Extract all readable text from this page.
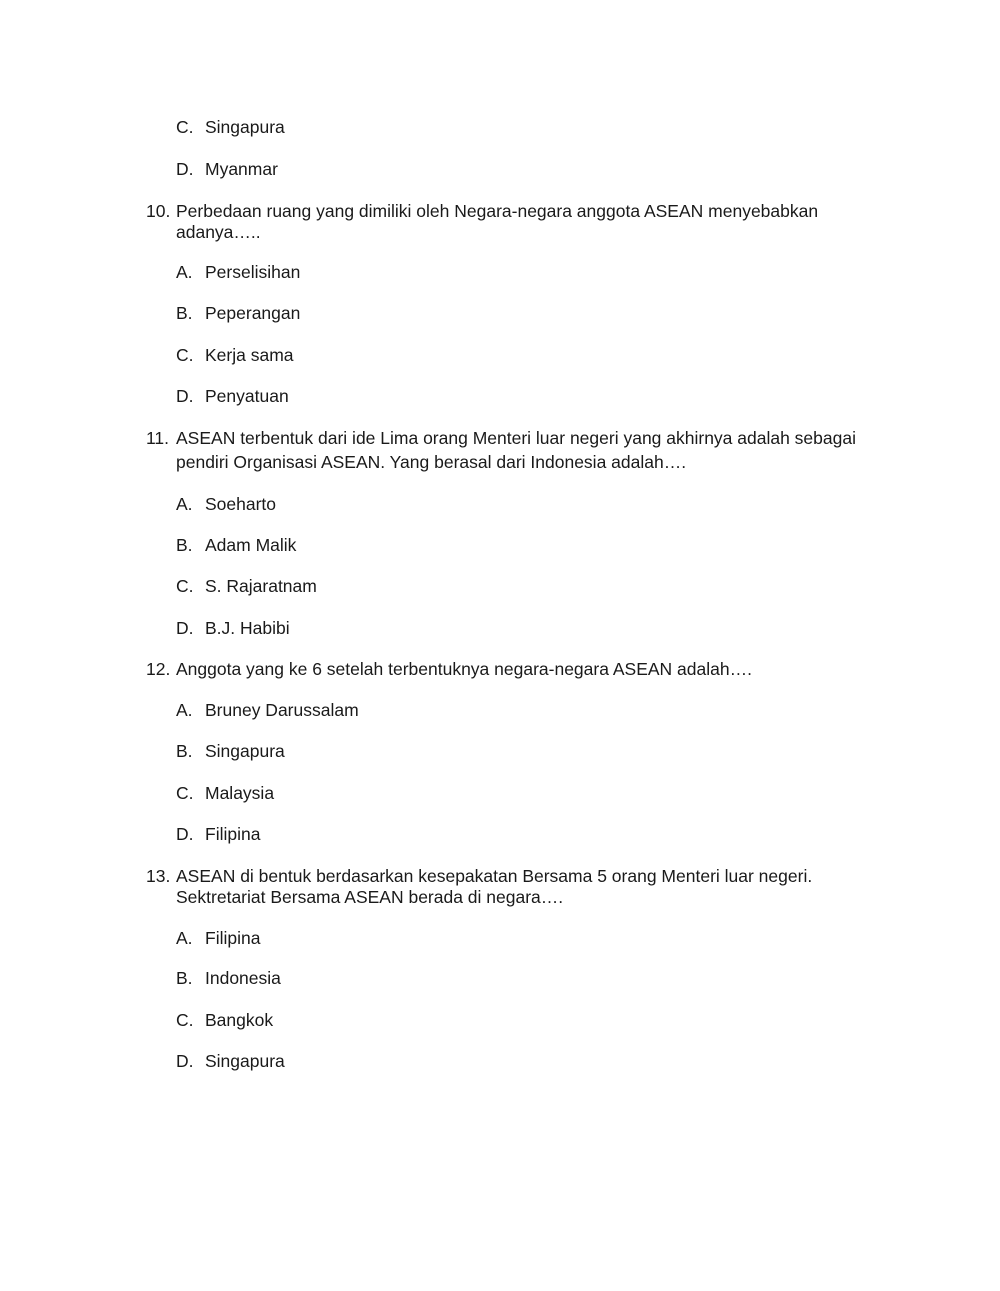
C. Singapura
D. Myanmar
10. Perbedaan ruang yang dimiliki oleh Negara-negara anggota ASEAN menyebabkan
adanya…..
A. Perselisihan
B. Peperangan
C. Kerja sama
D. Penyatuan
11. ASEAN terbentuk dari ide Lima orang Menteri luar negeri yang akhirnya adalah sebagai
pendiri Organisasi ASEAN. Yang berasal dari Indonesia adalah….
A. Soeharto
B. Adam Malik
C. S. Rajaratnam
D. B.J. Habibi
12. Anggota yang ke 6 setelah terbentuknya negara-negara ASEAN adalah….
A. Bruney Darussalam
B. Singapura
C. Malaysia
D. Filipina
13. ASEAN di bentuk berdasarkan kesepakatan Bersama 5 orang Menteri luar negeri.
Sektretariat Bersama ASEAN berada di negara….
A. Filipina
B. Indonesia
C. Bangkok
D. Singapura
